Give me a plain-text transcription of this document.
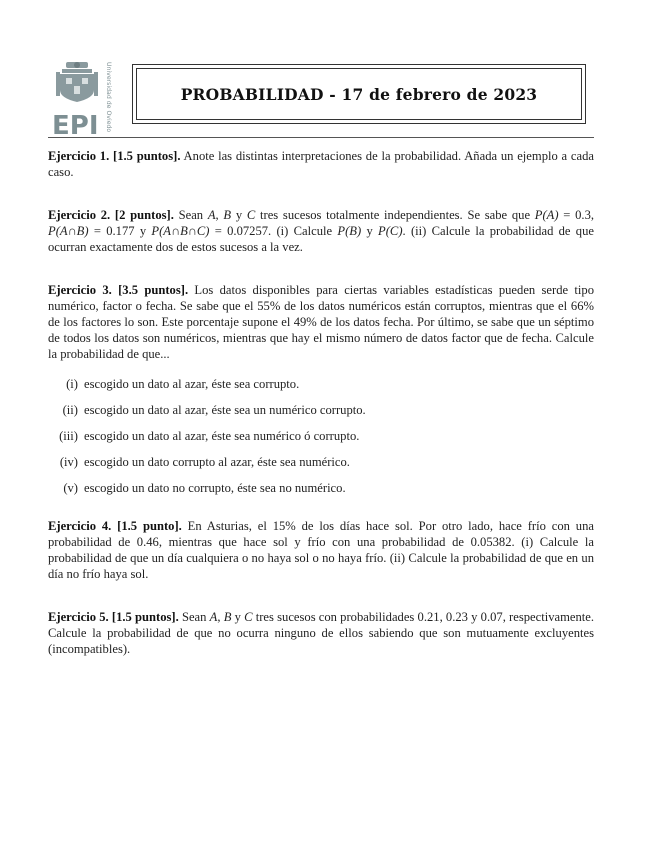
EPI Universidad de Oviedo	PROBABILIDAD - 17 de febrero de 2023

Ejercicio 1. [1.5 puntos]. Anote las distintas interpretaciones de la probabilidad. Añada un ejemplo a cada caso.

Ejercicio 2. [2 puntos]. Sean A, B y C tres sucesos totalmente independientes. Se sabe que P(A) = 0.3, P(A∩B) = 0.177 y P(A∩B∩C) = 0.07257. (i) Calcule P(B) y P(C). (ii) Calcule la probabilidad de que ocurran exactamente dos de estos sucesos a la vez.

Ejercicio 3. [3.5 puntos]. Los datos disponibles para ciertas variables estadísticas pueden serde tipo numérico, factor o fecha. Se sabe que el 55% de los datos numéricos están corruptos, mientras que el 66% de los factores lo son. Este porcentaje supone el 49% de los datos fecha. Por último, se sabe que un séptimo de todos los datos son numéricos, mientras que hay el mismo número de datos factor que de fecha. Calcule la probabilidad de que...

(i) escogido un dato al azar, éste sea corrupto.
(ii) escogido un dato al azar, éste sea un numérico corrupto.
(iii) escogido un dato al azar, éste sea numérico ó corrupto.
(iv) escogido un dato corrupto al azar, éste sea numérico.
(v) escogido un dato no corrupto, éste sea no numérico.

Ejercicio 4. [1.5 punto]. En Asturias, el 15% de los días hace sol. Por otro lado, hace frío con una probabilidad de 0.46, mientras que hace sol y frío con una probabilidad de 0.05382. (i) Calcule la probabilidad de que un día cualquiera o no haya sol o no haya frío. (ii) Calcule la probabilidad de que en un día no frío haya sol.

Ejercicio 5. [1.5 puntos]. Sean A, B y C tres sucesos con probabilidades 0.21, 0.23 y 0.07, respectivamente. Calcule la probabilidad de que no ocurra ninguno de ellos sabiendo que son mutuamente excluyentes (incompatibles).
